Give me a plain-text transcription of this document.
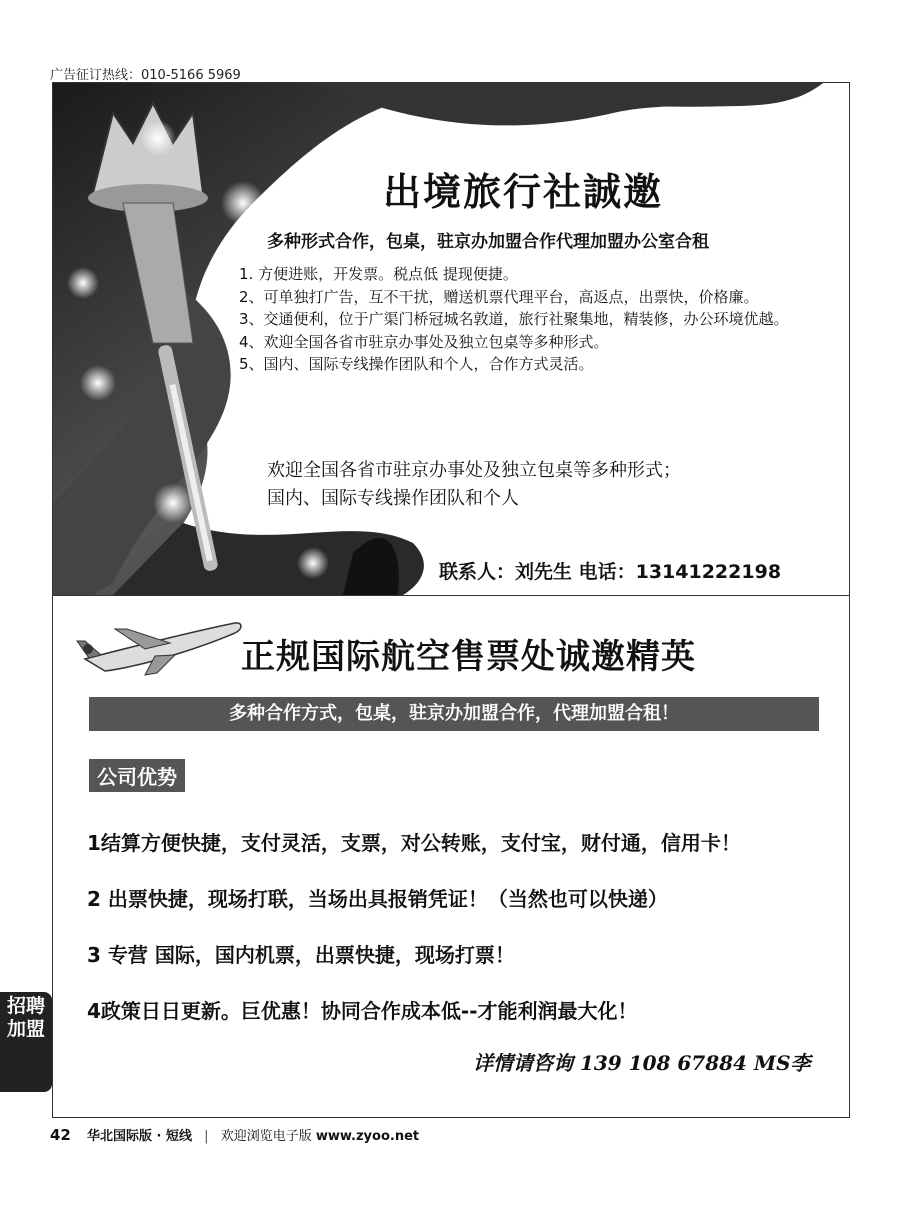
广告征订热线：010-5166 5969
出境旅行社誠邀
多种形式合作，包桌，驻京办加盟合作代理加盟办公室合租
1. 方便进账，开发票。税点低 提现便捷。
2、可单独打广告，互不干扰，赠送机票代理平台，高返点，出票快，价格廉。
3、交通便利，位于广渠门桥冠城名敦道，旅行社聚集地，精装修，办公环境优越。
4、欢迎全国各省市驻京办事处及独立包桌等多种形式。
5、国内、国际专线操作团队和个人，合作方式灵活。
欢迎全国各省市驻京办事处及独立包桌等多种形式；
国内、国际专线操作团队和个人
联系人：刘先生 电话：13141222198
正规国际航空售票处诚邀精英
多种合作方式，包桌，驻京办加盟合作，代理加盟合租！
公司优势
1结算方便快捷，支付灵活，支票，对公转账，支付宝，财付通，信用卡！
2 出票快捷，现场打联，当场出具报销凭证！（当然也可以快递）
3 专营 国际，国内机票，出票快捷，现场打票！
4政策日日更新。巨优惠！协同合作成本低--才能利润最大化！
详情请咨询 139 108 67884 MS李
招聘
加盟
42 华北国际版 · 短线 | 欢迎浏览电子版 www.zyoo.net
